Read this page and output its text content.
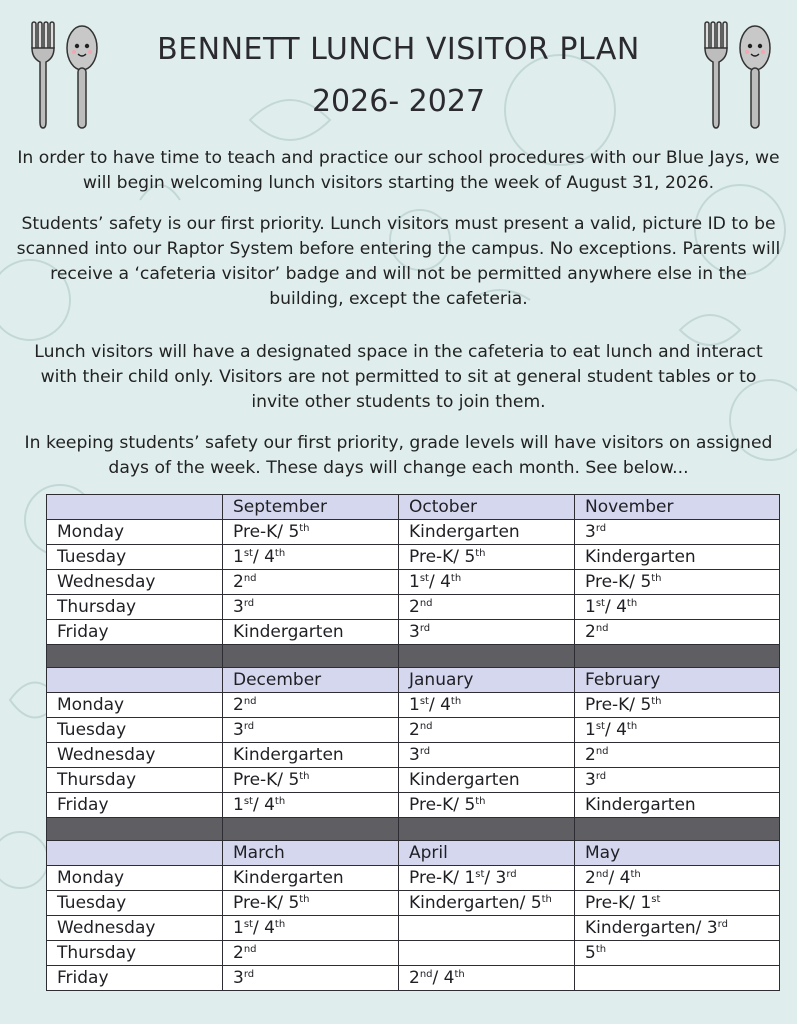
BENNETT LUNCH VISITOR PLAN
2026- 2027

In order to have time to teach and practice our school procedures with our Blue Jays, we will begin welcoming lunch visitors starting the week of August 31, 2026.

Students’ safety is our first priority. Lunch visitors must present a valid, picture ID to be scanned into our Raptor System before entering the campus. No exceptions. Parents will receive a ‘cafeteria visitor’ badge and will not be permitted anywhere else in the building, except the cafeteria.

Lunch visitors will have a designated space in the cafeteria to eat lunch and interact with their child only. Visitors are not permitted to sit at general student tables or to invite other students to join them.

In keeping students’ safety our first priority, grade levels will have visitors on assigned days of the week. These days will change each month. See below...

	September	October	November
Monday	Pre-K/ 5th	Kindergarten	3rd
Tuesday	1st/ 4th	Pre-K/ 5th	Kindergarten
Wednesday	2nd	1st/ 4th	Pre-K/ 5th
Thursday	3rd	2nd	1st/ 4th
Friday	Kindergarten	3rd	2nd

	December	January	February
Monday	2nd	1st/ 4th	Pre-K/ 5th
Tuesday	3rd	2nd	1st/ 4th
Wednesday	Kindergarten	3rd	2nd
Thursday	Pre-K/ 5th	Kindergarten	3rd
Friday	1st/ 4th	Pre-K/ 5th	Kindergarten

	March	April	May
Monday	Kindergarten	Pre-K/ 1st/ 3rd	2nd/ 4th
Tuesday	Pre-K/ 5th	Kindergarten/ 5th	Pre-K/ 1st
Wednesday	1st/ 4th		Kindergarten/ 3rd
Thursday	2nd		5th
Friday	3rd	2nd/ 4th	
